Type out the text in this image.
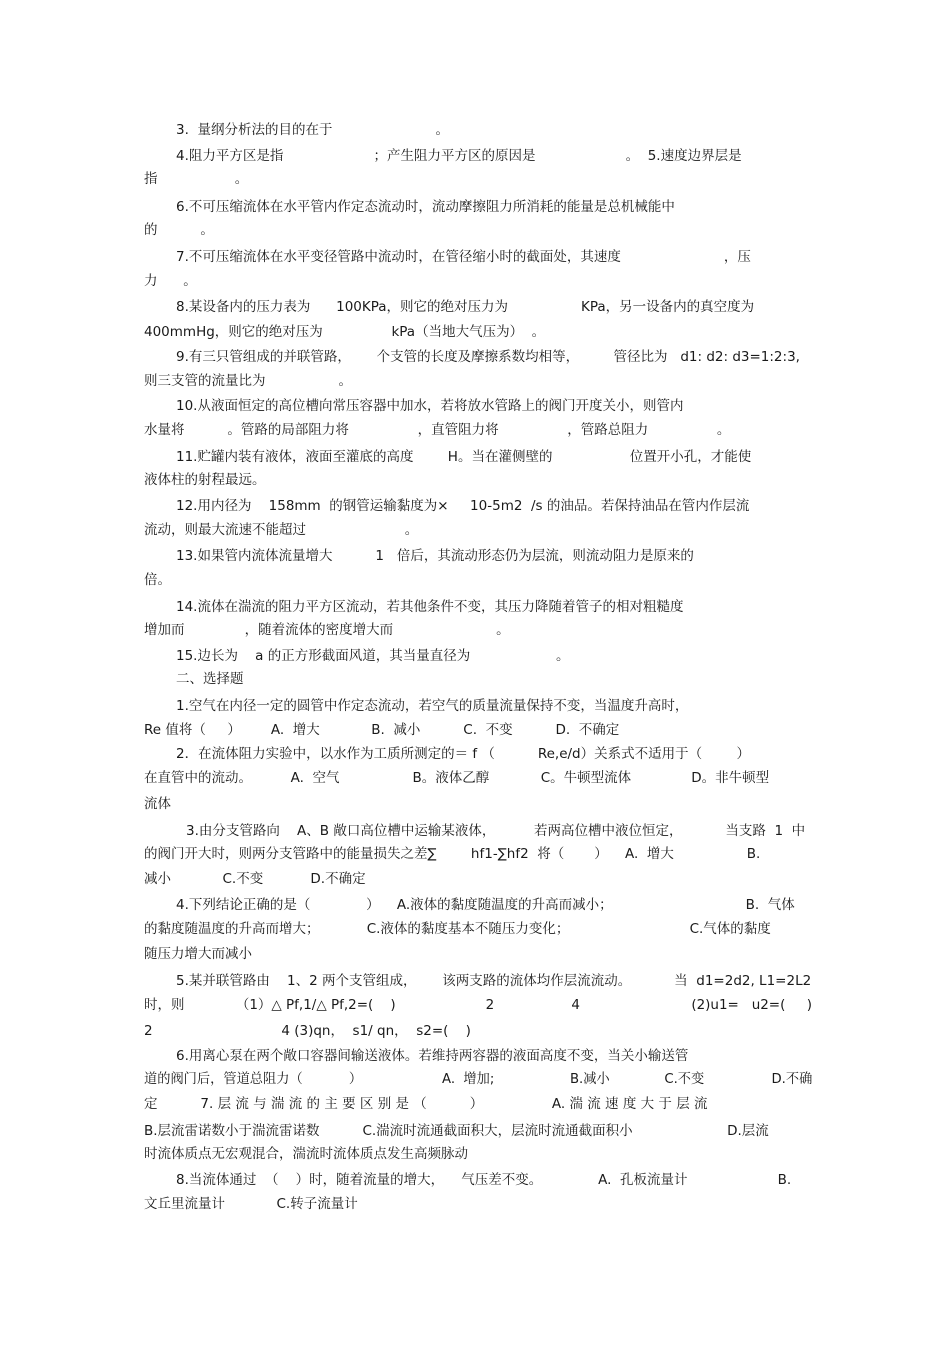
3.  量纲分析法的目的在于                        。
4.阻力平方区是指                     ；产生阻力平方区的原因是                     。  5.速度边界层是
指                  。
6.不可压缩流体在水平管内作定态流动时，流动摩擦阻力所消耗的能量是总机械能中
的          。
7.不可压缩流体在水平变径管路中流动时，在管径缩小时的截面处，其速度                        ，压
力      。
8.某设备内的压力表为      100KPa，则它的绝对压力为                 KPa，另一设备内的真空度为
400mmHg，则它的绝对压为                kPa（当地大气压为）  。
9.有三只管组成的并联管路，      个支管的长度及摩擦系数均相等，        管径比为   d1: d2: d3=1:2:3,
则三支管的流量比为                 。
10.从液面恒定的高位槽向常压容器中加水，若将放水管路上的阀门开度关小，则管内
水量将          。管路的局部阻力将                ，直管阻力将                ，管路总阻力                。
11.贮罐内装有液体，液面至灌底的高度        H。当在灌侧壁的                  位置开小孔，才能使
液体柱的射程最远。
12.用内径为    158mm  的钢管运输黏度为×     10-5m2  /s 的油品。若保持油品在管内作层流
流动，则最大流速不能超过                       。
13.如果管内流体流量增大          1   倍后，其流动形态仍为层流，则流动阻力是原来的
倍。
14.流体在湍流的阻力平方区流动，若其他条件不变，其压力降随着管子的相对粗糙度
增加而              ，随着流体的密度增大而                        。
15.边长为    a 的正方形截面风道，其当量直径为                    。
二、选择题
1.空气在内径一定的圆管中作定态流动，若空气的质量流量保持不变，当温度升高时，
Re 值将（     ）       A.  增大            B.  减小          C.  不变          D.  不确定
2．在流体阻力实验中，以水作为工质所测定的＝ f （          Re,e/d）关系式不适用于（        ）
在直管中的流动。         A.  空气                 B。液体乙醇            C。牛顿型流体              D。非牛顿型
流体
3.由分支管路向    A、B 敞口高位槽中运输某液体，         若两高位槽中液位恒定，          当支路  1  中
的阀门开大时，则两分支管路中的能量损失之差∑        hf1-∑hf2  将（       ）    A.  增大                 B.
减小            C.不变           D.不确定
4.下列结论正确的是（             ）    A.液体的黏度随温度的升高而减小；                               B.  气体
的黏度随温度的升高而增大；           C.液体的黏度基本不随压力变化；                            C.气体的黏度
随压力增大而减小
5.某并联管路由    1、2 两个支管组成，      该两支路的流体均作层流流动。          当  d1=2d2, L1=2L2
时，则            （1）△ Pf,1/△ Pf,2=(    )                     2                  4                          (2)u1=   u2=(     )
2                              4 (3)qn，  s1/ qn，  s2=(    )
6.用离心泵在两个敞口容器间输送液体。若维持两容器的液面高度不变，当关小输送管
道的阀门后，管道总阻力（           ）                   A.  增加;                  B.减小             C.不变                D.不确
定          7. 层 流 与 湍 流 的 主 要 区 别 是 （          ）                A. 湍 流 速 度 大 于 层 流
B.层流雷诺数小于湍流雷诺数          C.湍流时流通截面积大，层流时流通截面积小                      D.层流
时流体质点无宏观混合，湍流时流体质点发生高频脉动
8.当流体通过  （    ）时，随着流量的增大，    气压差不变。             A.  孔板流量计                     B.
文丘里流量计            C.转子流量计
